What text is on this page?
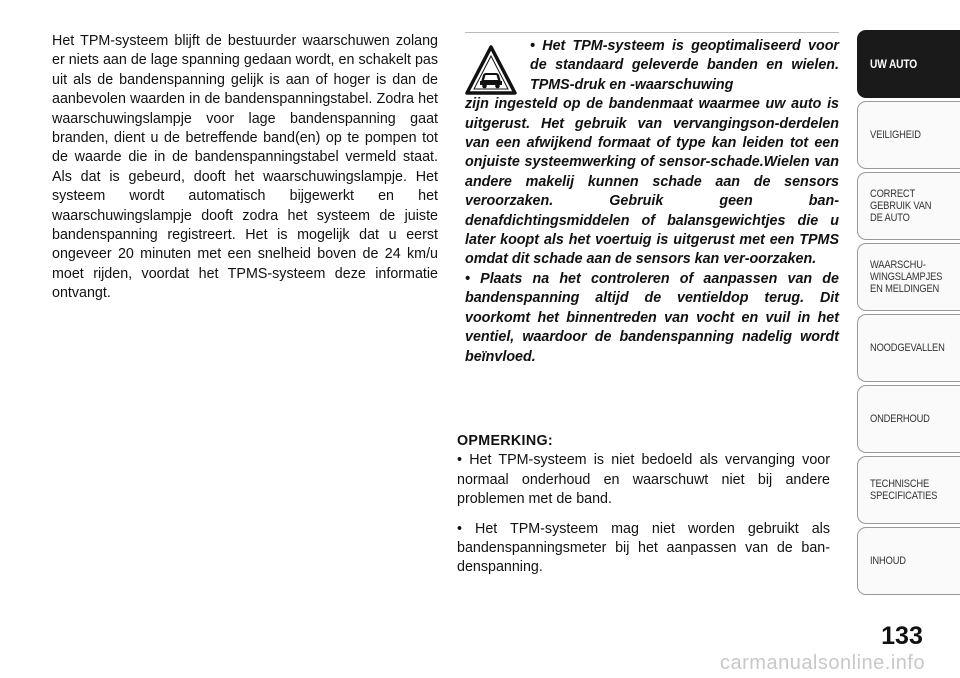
Het TPM-systeem blijft de bestuurder waarschuwen zolang er niets aan de lage spanning gedaan wordt, en schakelt pas uit als de bandenspanning gelijk is aan of hoger is dan de aanbevolen waarden in de bandenspanningstabel. Zodra het waarschuwingslampje voor lage bandenspanning gaat branden, dient u de betreffende band(en) op te pompen tot de waarde die in de bandenspanningstabel vermeld staat. Als dat is gebeurd, dooft het waarschuwingslampje. Het systeem wordt automatisch bijgewerkt en het waarschuwingslampje dooft zodra het systeem de juiste bandenspanning registreert. Het is mogelijk dat u eerst ongeveer 20 minuten met een snelheid boven de 24 km/u moet rijden, voordat het TPMS-systeem deze informatie ontvangt.
• Het TPM-systeem is geoptimaliseerd voor de standaard geleverde banden en wielen. TPMS-druk en -waarschuwing
zijn ingesteld op de bandenmaat waarmee uw auto is uitgerust. Het gebruik van vervangingson-derdelen van een afwijkend formaat of type kan leiden tot een onjuiste systeemwerking of sensor-schade.Wielen van andere makelij kunnen schade aan de sensors veroorzaken. Gebruik geen ban-denafdichtingsmiddelen of balansgewichtjes die u later koopt als het voertuig is uitgerust met een TPMS omdat dit schade aan de sensors kan ver-oorzaken.
• Plaats na het controleren of aanpassen van de bandenspanning altijd de ventieldop terug. Dit voorkomt het binnentreden van vocht en vuil in het ventiel, waardoor de bandenspanning nadelig wordt beïnvloed.
OPMERKING:

• Het TPM-systeem is niet bedoeld als vervanging voor normaal onderhoud en waarschuwt niet bij andere problemen met de band.

• Het TPM-systeem mag niet worden gebruikt als bandenspanningsmeter bij het aanpassen van de ban-denspanning.

UW AUTO
VEILIGHEID
CORRECT
GEBRUIK VAN
DE AUTO
WAARSCHU-
WINGSLAMPJES
EN MELDINGEN
NOODGEVALLEN
ONDERHOUD
TECHNISCHE
SPECIFICATIES
INHOUD
133
carmanualsonline.info
